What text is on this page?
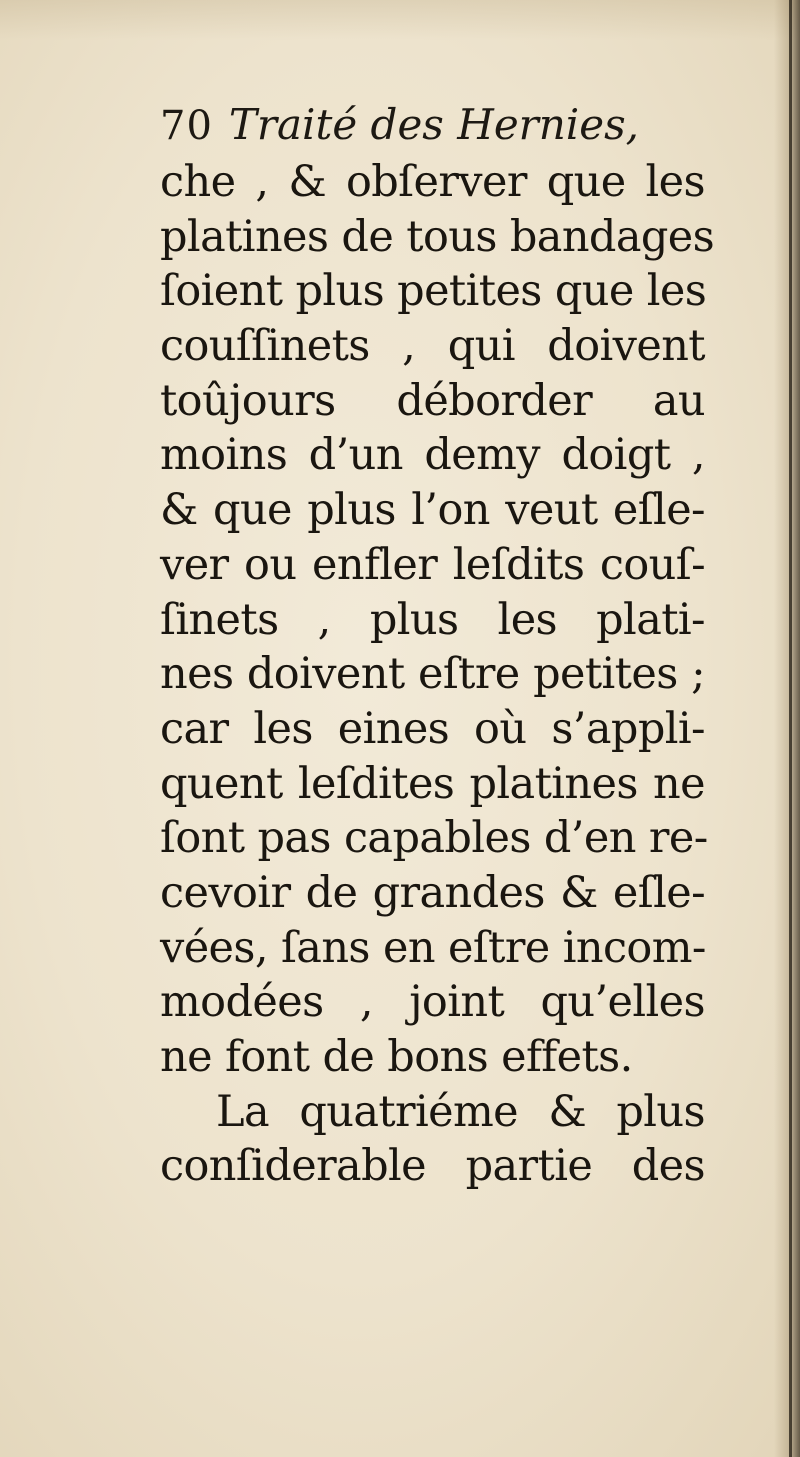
70 Traité des Hernies,
che , & obſerver que les
platines de tous bandages
ſoient plus petites que les
couſſinets , qui doivent
toûjours déborder au
moins d’un demy doigt ,
& que plus l’on veut eſle-
ver ou enfler leſdits couſ-
ſinets , plus les plati-
nes doivent eſtre petites ;
car les eines où s’appli-
quent leſdites platines ne
ſont pas capables d’en re-
cevoir de grandes & eſle-
vées, ſans en eſtre incom-
modées , joint qu’elles
ne font de bons effets.
La quatriéme & plus
conſiderable partie des
